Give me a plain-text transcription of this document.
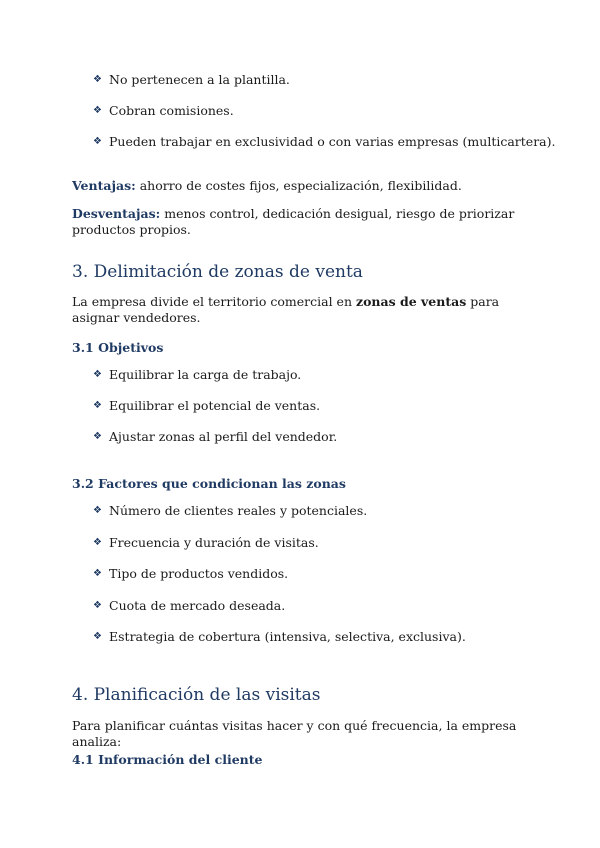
❖ No pertenecen a la plantilla.
❖ Cobran comisiones.
❖ Pueden trabajar en exclusividad o con varias empresas (multicartera).
Ventajas: ahorro de costes fijos, especialización, flexibilidad.
Desventajas: menos control, dedicación desigual, riesgo de priorizar productos propios.
3. Delimitación de zonas de venta
La empresa divide el territorio comercial en zonas de ventas para asignar vendedores.
3.1 Objetivos
❖ Equilibrar la carga de trabajo.
❖ Equilibrar el potencial de ventas.
❖ Ajustar zonas al perfil del vendedor.
3.2 Factores que condicionan las zonas
❖ Número de clientes reales y potenciales.
❖ Frecuencia y duración de visitas.
❖ Tipo de productos vendidos.
❖ Cuota de mercado deseada.
❖ Estrategia de cobertura (intensiva, selectiva, exclusiva).
4. Planificación de las visitas
Para planificar cuántas visitas hacer y con qué frecuencia, la empresa analiza:
4.1 Información del cliente
